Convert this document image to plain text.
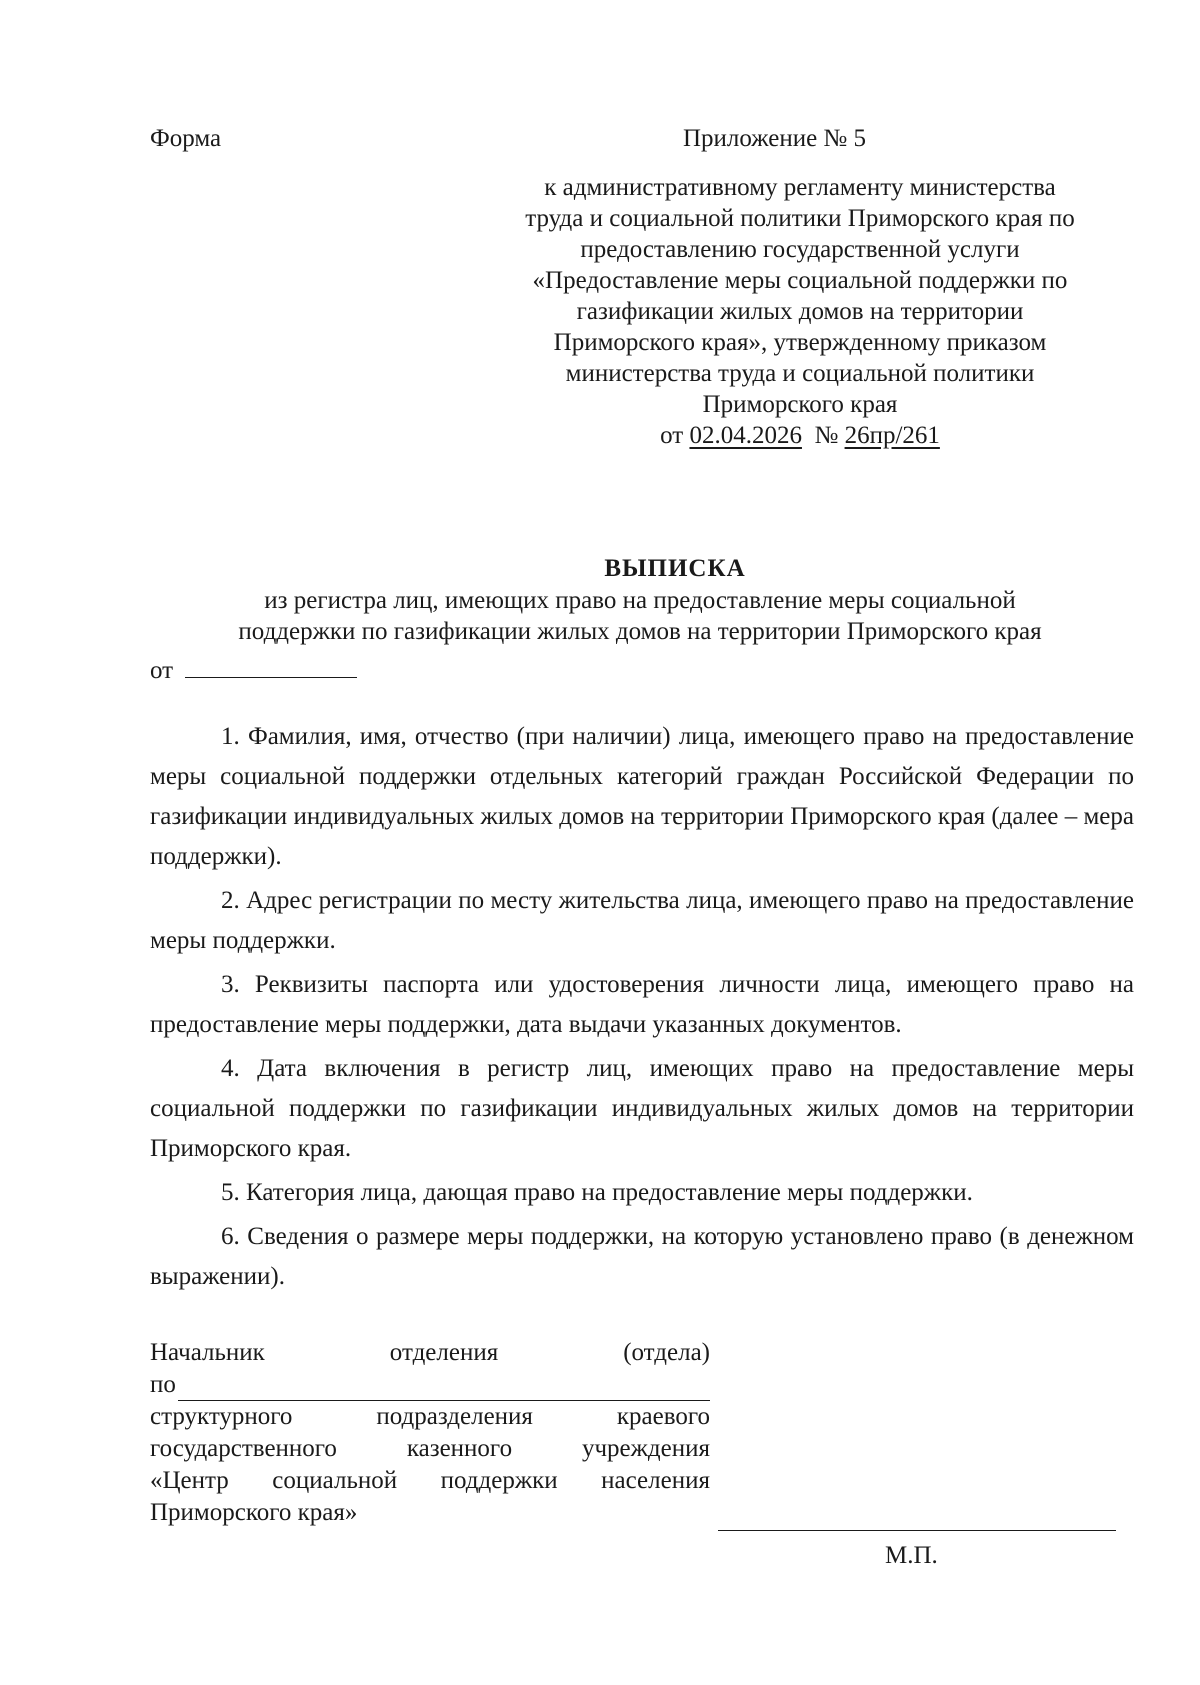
Форма	Приложение № 5
к административному регламенту министерства
труда и социальной политики Приморского края по
предоставлению государственной услуги
«Предоставление меры социальной поддержки по
газификации жилых домов на территории
Приморского края», утвержденному приказом
министерства труда и социальной политики
Приморского края
от 02.04.2026 № 26пр/261
ВЫПИСКА
из регистра лиц, имеющих право на предоставление меры социальной
поддержки по газификации жилых домов на территории Приморского края
от

1. Фамилия, имя, отчество (при наличии) лица, имеющего право на предоставление меры социальной поддержки отдельных категорий граждан Российской Федерации по газификации индивидуальных жилых домов на территории Приморского края (далее – мера поддержки).

2. Адрес регистрации по месту жительства лица, имеющего право на предоставление меры поддержки.

3. Реквизиты паспорта или удостоверения личности лица, имеющего право на предоставление меры поддержки, дата выдачи указанных документов.

4. Дата включения в регистр лиц, имеющих право на предоставление меры социальной поддержки по газификации индивидуальных жилых домов на территории Приморского края.

5. Категория лица, дающая право на предоставление меры поддержки.

6. Сведения о размере меры поддержки, на которую установлено право (в денежном выражении).

Начальник	отделения	(отдела)
по
структурного	подразделения	краевого
государственного	казенного	учреждения
«Центр социальной поддержки населения
Приморского края»
М.П.
